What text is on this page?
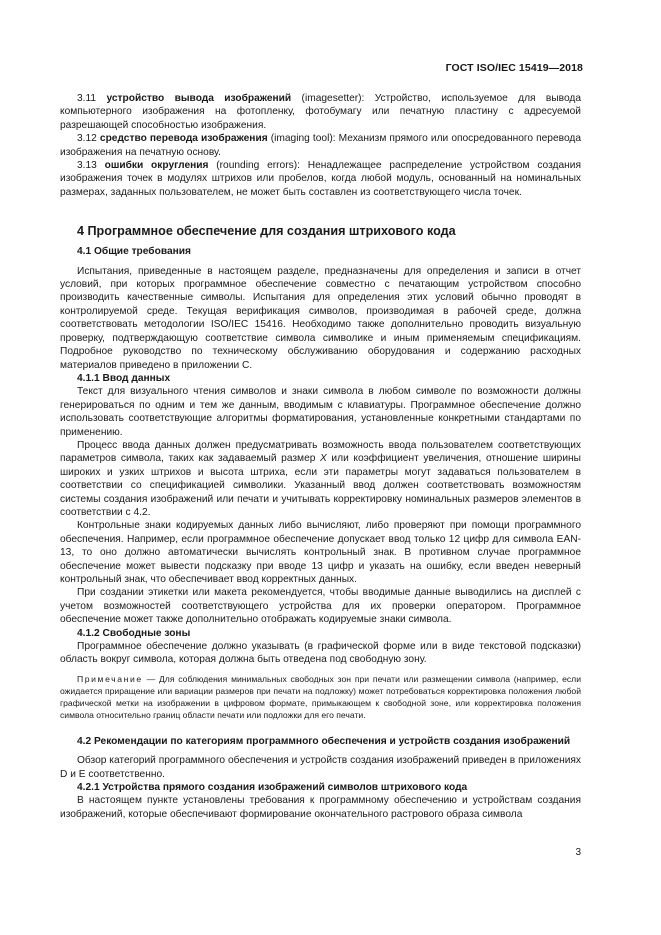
ГОСТ ISO/IEC 15419—2018

3.11 устройство вывода изображений (imagesetter): Устройство, используемое для вывода компьютерного изображения на фотопленку, фотобумагу или печатную пластину с адресуемой разрешающей способностью изображения.

3.12 средство перевода изображения (imaging tool): Механизм прямого или опосредованного перевода изображения на печатную основу.

3.13 ошибки округления (rounding errors): Ненадлежащее распределение устройством создания изображения точек в модулях штрихов или пробелов, когда любой модуль, основанный на номинальных размерах, заданных пользователем, не может быть составлен из соответствующего числа точек.

4 Программное обеспечение для создания штрихового кода
4.1 Общие требования

Испытания, приведенные в настоящем разделе, предназначены для определения и записи в отчет условий, при которых программное обеспечение совместно с печатающим устройством способно производить качественные символы. Испытания для определения этих условий обычно проводят в контролируемой среде. Текущая верификация символов, производимая в рабочей среде, должна соответствовать методологии ISO/IEC 15416. Необходимо также дополнительно проводить визуальную проверку, подтверждающую соответствие символа символике и иным применяемым спецификациям. Подробное руководство по техническому обслуживанию оборудования и содержанию расходных материалов приведено в приложении С.

4.1.1 Ввод данных

Текст для визуального чтения символов и знаки символа в любом символе по возможности должны генерироваться по одним и тем же данным, вводимым с клавиатуры. Программное обеспечение должно использовать соответствующие алгоритмы форматирования, установленные конкретными стандартами по применению.

Процесс ввода данных должен предусматривать возможность ввода пользователем соответствующих параметров символа, таких как задаваемый размер X или коэффициент увеличения, отношение ширины широких и узких штрихов и высота штриха, если эти параметры могут задаваться пользователем в соответствии со спецификацией символики. Указанный ввод должен соответствовать возможностям системы создания изображений или печати и учитывать корректировку номинальных размеров элементов в соответствии с 4.2.

Контрольные знаки кодируемых данных либо вычисляют, либо проверяют при помощи программного обеспечения. Например, если программное обеспечение допускает ввод только 12 цифр для символа EAN-13, то оно должно автоматически вычислять контрольный знак. В противном случае программное обеспечение может вывести подсказку при вводе 13 цифр и указать на ошибку, если введен неверный контрольный знак, что обеспечивает ввод корректных данных.

При создании этикетки или макета рекомендуется, чтобы вводимые данные выводились на дисплей с учетом возможностей соответствующего устройства для их проверки оператором. Программное обеспечение может также дополнительно отображать кодируемые знаки символа.

4.1.2 Свободные зоны

Программное обеспечение должно указывать (в графической форме или в виде текстовой подсказки) область вокруг символа, которая должна быть отведена под свободную зону.

Примечание — Для соблюдения минимальных свободных зон при печати или размещении символа (например, если ожидается приращение или вариации размеров при печати на подложку) может потребоваться корректировка положения любой графической метки на изображении в цифровом формате, примыкающем к свободной зоне, или корректировка положения символа относительно границ области печати или подложки для его печати.
4.2 Рекомендации по категориям программного обеспечения и устройств создания изображений

Обзор категорий программного обеспечения и устройств создания изображений приведен в приложениях D и Е соответственно.

4.2.1 Устройства прямого создания изображений символов штрихового кода

В настоящем пункте установлены требования к программному обеспечению и устройствам создания изображений, которые обеспечивают формирование окончательного растрового образа символа

3
